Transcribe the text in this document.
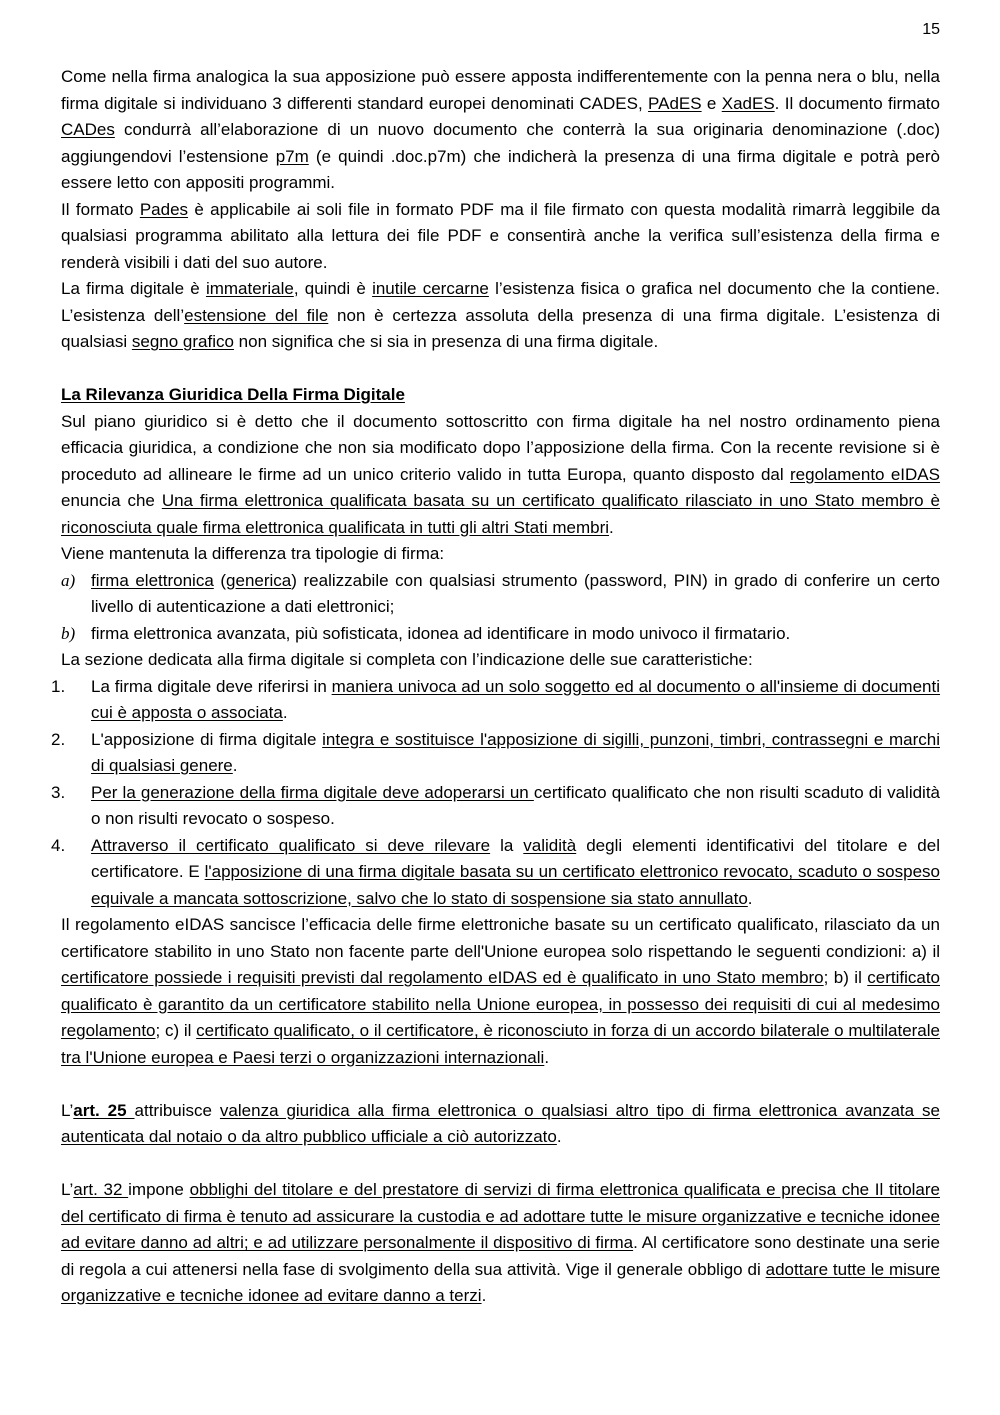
15

Come nella firma analogica la sua apposizione può essere apposta indifferentemente con la penna nera o blu, nella firma digitale si individuano 3 differenti standard europei denominati CADES, PAdES e XadES. Il documento firmato CADes condurrà all’elaborazione di un nuovo documento che conterrà la sua originaria denominazione (.doc) aggiungendovi l’estensione p7m (e quindi .doc.p7m) che indicherà la presenza di una firma digitale e potrà però essere letto con appositi programmi.

Il formato Pades è applicabile ai soli file in formato PDF ma il file firmato con questa modalità rimarrà leggibile da qualsiasi programma abilitato alla lettura dei file PDF e consentirà anche la verifica sull’esistenza della firma e renderà visibili i dati del suo autore.

La firma digitale è immateriale, quindi è inutile cercarne l’esistenza fisica o grafica nel documento che la contiene. L’esistenza dell’estensione del file non è certezza assoluta della presenza di una firma digitale. L’esistenza di qualsiasi segno grafico non significa che si sia in presenza di una firma digitale.

La Rilevanza Giuridica Della Firma Digitale

Sul piano giuridico si è detto che il documento sottoscritto con firma digitale ha nel nostro ordinamento piena efficacia giuridica, a condizione che non sia modificato dopo l’apposizione della firma. Con la recente revisione si è proceduto ad allineare le firme ad un unico criterio valido in tutta Europa, quanto disposto dal regolamento eIDAS enuncia che Una firma elettronica qualificata basata su un certificato qualificato rilasciato in uno Stato membro è riconosciuta quale firma elettronica qualificata in tutti gli altri Stati membri.

Viene mantenuta la differenza tra tipologie di firma:

a) firma elettronica (generica) realizzabile con qualsiasi strumento (password, PIN) in grado di conferire un certo livello di autenticazione a dati elettronici;
b) firma elettronica avanzata, più sofisticata, idonea ad identificare in modo univoco il firmatario.

La sezione dedicata alla firma digitale si completa con l’indicazione delle sue caratteristiche:

1. La firma digitale deve riferirsi in maniera univoca ad un solo soggetto ed al documento o all'insieme di documenti cui è apposta o associata.
2. L'apposizione di firma digitale integra e sostituisce l'apposizione di sigilli, punzoni, timbri, contrassegni e marchi di qualsiasi genere.
3. Per la generazione della firma digitale deve adoperarsi un certificato qualificato che non risulti scaduto di validità o non risulti revocato o sospeso.
4. Attraverso il certificato qualificato si deve rilevare la validità degli elementi identificativi del titolare e del certificatore. E l'apposizione di una firma digitale basata su un certificato elettronico revocato, scaduto o sospeso equivale a mancata sottoscrizione, salvo che lo stato di sospensione sia stato annullato.

Il regolamento eIDAS sancisce l’efficacia delle firme elettroniche basate su un certificato qualificato, rilasciato da un certificatore stabilito in uno Stato non facente parte dell'Unione europea solo rispettando le seguenti condizioni: a) il certificatore possiede i requisiti previsti dal regolamento eIDAS ed è qualificato in uno Stato membro; b) il certificato qualificato è garantito da un certificatore stabilito nella Unione europea, in possesso dei requisiti di cui al medesimo regolamento; c) il certificato qualificato, o il certificatore, è riconosciuto in forza di un accordo bilaterale o multilaterale tra l'Unione europea e Paesi terzi o organizzazioni internazionali.

L’art. 25 attribuisce valenza giuridica alla firma elettronica o qualsiasi altro tipo di firma elettronica avanzata se autenticata dal notaio o da altro pubblico ufficiale a ciò autorizzato.

L’art. 32 impone obblighi del titolare e del prestatore di servizi di firma elettronica qualificata e precisa che Il titolare del certificato di firma è tenuto ad assicurare la custodia e ad adottare tutte le misure organizzative e tecniche idonee ad evitare danno ad altri; e ad utilizzare personalmente il dispositivo di firma. Al certificatore sono destinate una serie di regola a cui attenersi nella fase di svolgimento della sua attività. Vige il generale obbligo di adottare tutte le misure organizzative e tecniche idonee ad evitare danno a terzi.
